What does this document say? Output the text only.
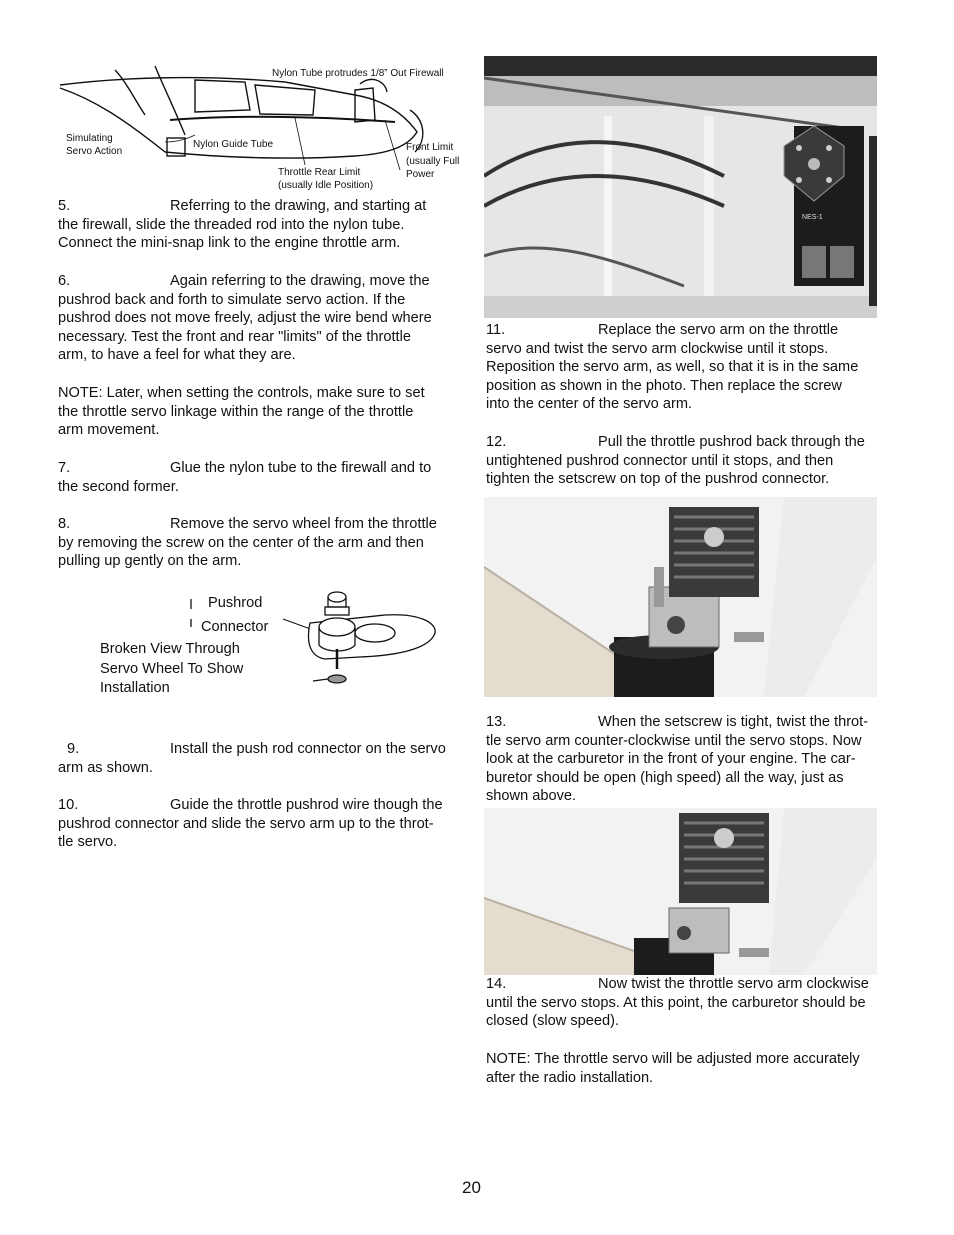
Nylon Tube protrudes 1/8” Out Firewall
Simulating
Servo Action
Nylon Guide Tube
Throttle Rear Limit
(usually Idle Position)
Front Limit
(usually Full
Power
5.	Referring to the drawing, and starting at
the firewall, slide the threaded rod into the nylon tube.
Connect the mini-snap link to the engine throttle arm.
6.	Again referring to the drawing, move the
pushrod back and forth to simulate servo action. If the
pushrod does not move freely, adjust the wire bend where
necessary. Test the front and rear "limits" of the throttle
arm, to have a feel for what they are.
NOTE: Later, when setting the controls, make sure to set
the throttle servo linkage within the range of the throttle
arm movement.
7.	Glue the nylon tube to the firewall and to
the second former.
8.	Remove the servo wheel from the throttle
by removing the screw on the center of the arm and then
pulling up gently on the arm.
Pushrod
Connector
Broken View Through
Servo Wheel To Show
Installation
9.	Install the push rod connector on the servo
arm as shown.
10.	Guide the throttle pushrod wire though the
pushrod connector and slide the servo arm up to the throt-
tle servo.
NES-1
11.	Replace the servo arm on the throttle
servo and twist the servo arm clockwise until it stops.
Reposition the servo arm, as well, so that it is in the same
position as shown in the photo. Then replace the screw
into the center of the servo arm.
12.	Pull the throttle pushrod back through the
untightened pushrod connector until it stops, and then
tighten the setscrew on top of the pushrod connector.
13.	When the setscrew is tight, twist the throt-
tle servo arm counter-clockwise until the servo stops. Now
look at the carburetor in the front of your engine. The car-
buretor should be open (high speed) all the way, just as
shown above.
14.	Now twist the throttle servo arm clockwise
until the servo stops. At this point, the carburetor should be
closed (slow speed).
NOTE: The throttle servo will be adjusted more accurately
after the radio installation.
20
